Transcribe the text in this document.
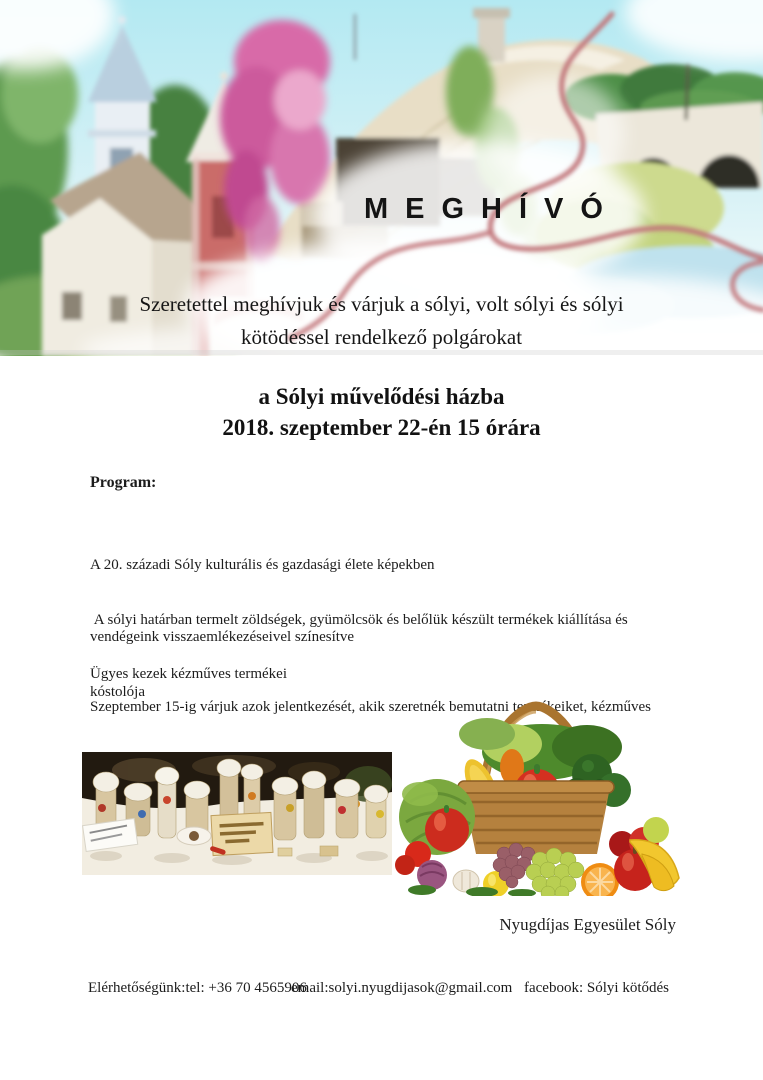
MEGHÍVÓ
Szeretettel meghívjuk és várjuk a sólyi, volt sólyi és sólyi
kötödéssel rendelkező polgárokat
a Sólyi művelődési házba
2018. szeptember 22-én 15 órára
Program:

A 20. századi Sóly kulturális és gazdasági élete képekben

vendégeink visszaemlékezéseivel színesítve

A sólyi határban termelt zöldségek, gyümölcsök és belőlük készült termékek kiállítása és

kóstolója

Ügyes kezek kézműves termékei

Szeptember 15-ig várjuk azok jelentkezését, akik szeretnék bemutatni termékeiket, kézműves

Nyugdíjas Egyesület Sóly
Elérhetőségünk:tel: +36 70 4565906
email:solyi.nyugdijasok@gmail.com facebook: Sólyi kötődés
